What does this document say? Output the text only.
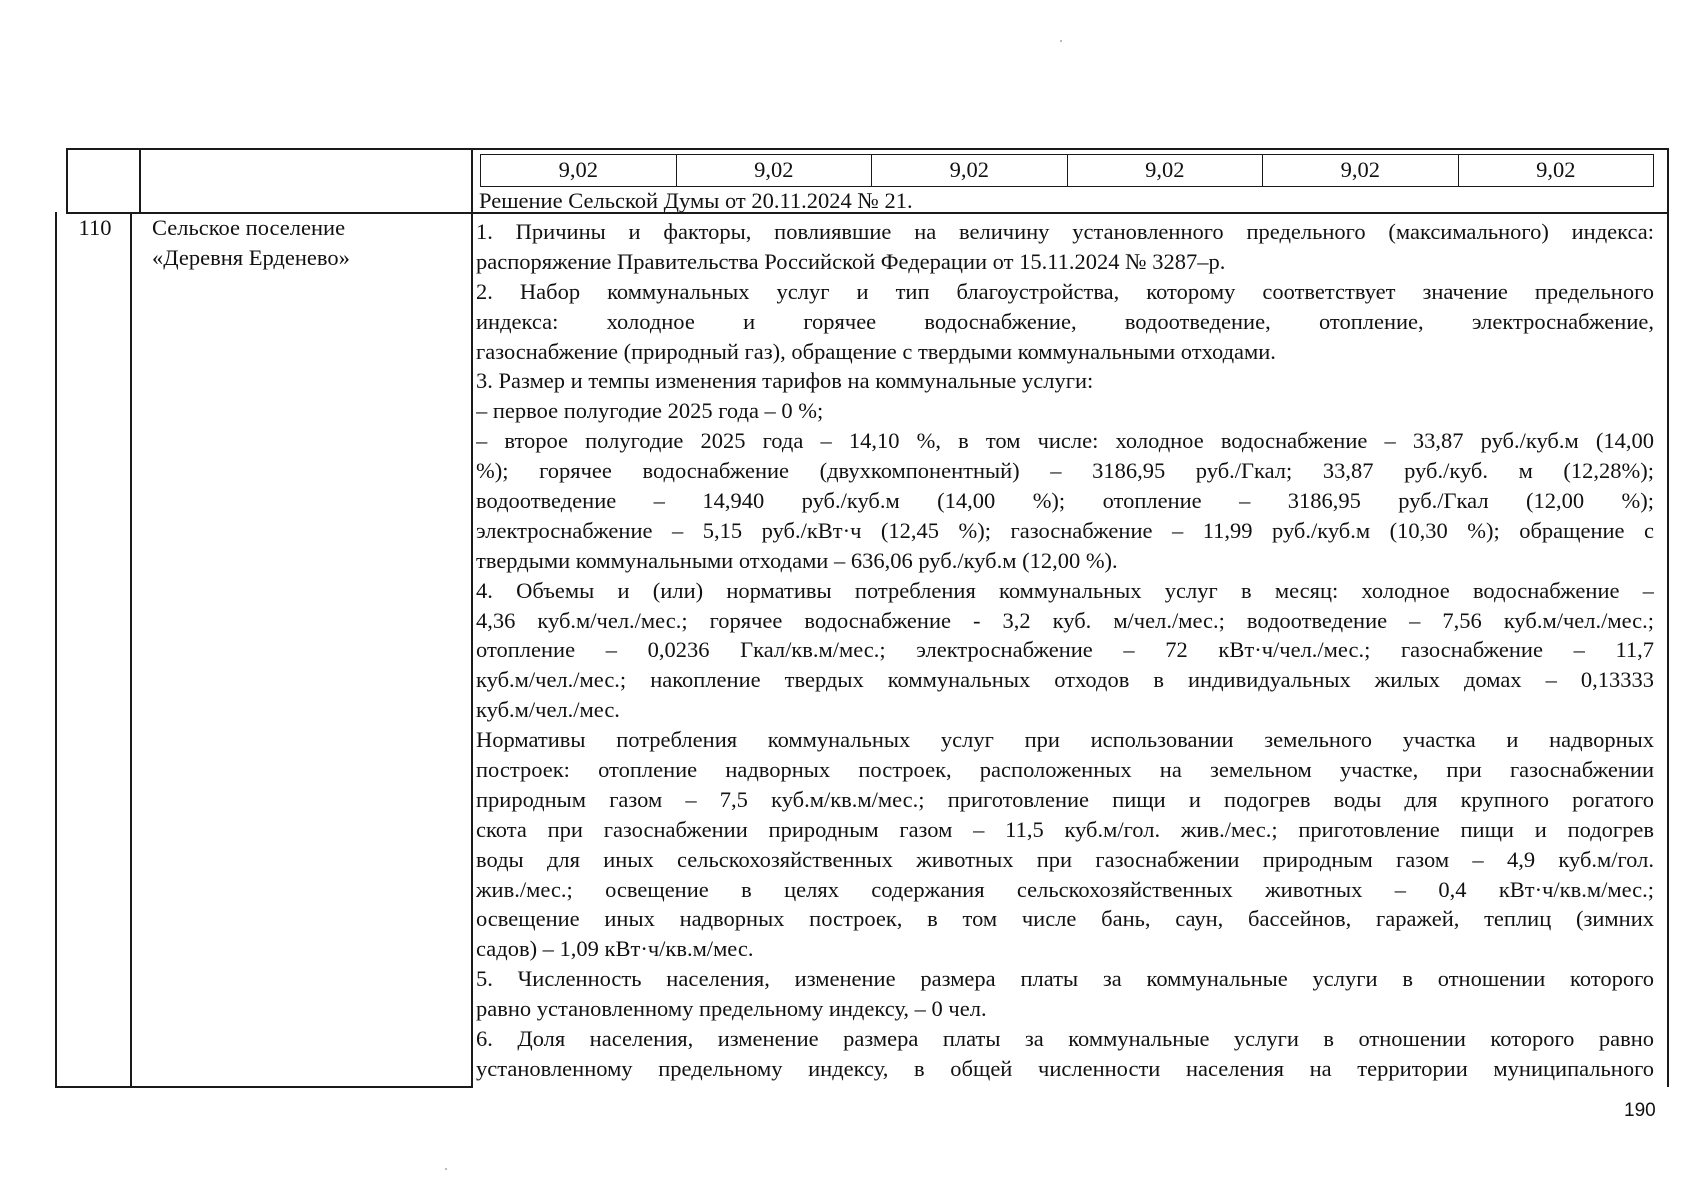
9,02	9,02	9,02	9,02	9,02	9,02
Решение Сельской Думы от 20.11.2024 № 21.
110	Сельское поселение
«Деревня Ерденево»
1. Причины и факторы, повлиявшие на величину установленного предельного (максимального) индекса:
распоряжение Правительства Российской Федерации от 15.11.2024 № 3287–р.
2. Набор коммунальных услуг и тип благоустройства, которому соответствует значение предельного
индекса: холодное и горячее водоснабжение, водоотведение, отопление, электроснабжение,
газоснабжение (природный газ), обращение с твердыми коммунальными отходами.
3. Размер и темпы изменения тарифов на коммунальные услуги:
– первое полугодие 2025 года – 0 %;
– второе полугодие 2025 года – 14,10 %, в том числе: холодное водоснабжение – 33,87 руб./куб.м (14,00
%); горячее водоснабжение (двухкомпонентный) – 3186,95 руб./Гкал; 33,87 руб./куб. м (12,28%);
водоотведение – 14,940 руб./куб.м (14,00 %); отопление – 3186,95 руб./Гкал (12,00 %);
электроснабжение – 5,15 руб./кВт·ч (12,45 %); газоснабжение – 11,99 руб./куб.м (10,30 %); обращение с
твердыми коммунальными отходами – 636,06 руб./куб.м (12,00 %).
4. Объемы и (или) нормативы потребления коммунальных услуг в месяц: холодное водоснабжение –
4,36 куб.м/чел./мес.; горячее водоснабжение - 3,2 куб. м/чел./мес.; водоотведение – 7,56 куб.м/чел./мес.;
отопление – 0,0236 Гкал/кв.м/мес.; электроснабжение – 72 кВт·ч/чел./мес.; газоснабжение – 11,7
куб.м/чел./мес.; накопление твердых коммунальных отходов в индивидуальных жилых домах – 0,13333
куб.м/чел./мес.
Нормативы потребления коммунальных услуг при использовании земельного участка и надворных
построек: отопление надворных построек, расположенных на земельном участке, при газоснабжении
природным газом – 7,5 куб.м/кв.м/мес.; приготовление пищи и подогрев воды для крупного рогатого
скота при газоснабжении природным газом – 11,5 куб.м/гол. жив./мес.; приготовление пищи и подогрев
воды для иных сельскохозяйственных животных при газоснабжении природным газом – 4,9 куб.м/гол.
жив./мес.; освещение в целях содержания сельскохозяйственных животных – 0,4 кВт·ч/кв.м/мес.;
освещение иных надворных построек, в том числе бань, саун, бассейнов, гаражей, теплиц (зимних
садов) – 1,09 кВт·ч/кв.м/мес.
5. Численность населения, изменение размера платы за коммунальные услуги в отношении которого
равно установленному предельному индексу, – 0 чел.
6. Доля населения, изменение размера платы за коммунальные услуги в отношении которого равно
установленному предельному индексу, в общей численности населения на территории муниципального
190
